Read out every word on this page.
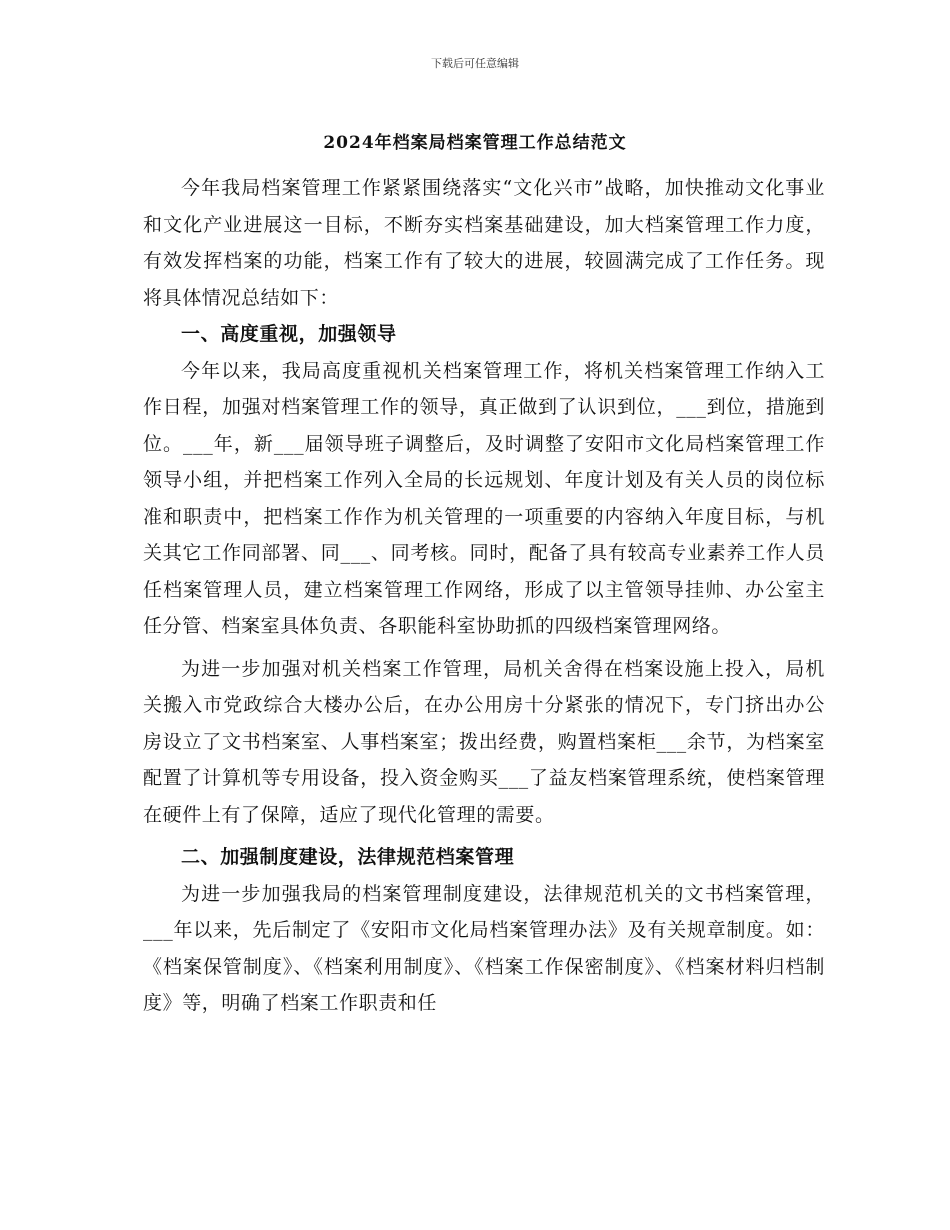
下载后可任意编辑
2024年档案局档案管理工作总结范文

今年我局档案管理工作紧紧围绕落实“文化兴市”战略，加快推动文化事业和文化产业进展这一目标，不断夯实档案基础建设，加大档案管理工作力度，有效发挥档案的功能，档案工作有了较大的进展，较圆满完成了工作任务。现将具体情况总结如下：

一、高度重视，加强领导

今年以来，我局高度重视机关档案管理工作，将机关档案管理工作纳入工作日程，加强对档案管理工作的领导，真正做到了认识到位，___到位，措施到位。___年，新___届领导班子调整后，及时调整了安阳市文化局档案管理工作领导小组，并把档案工作列入全局的长远规划、年度计划及有关人员的岗位标准和职责中，把档案工作作为机关管理的一项重要的内容纳入年度目标，与机关其它工作同部署、同___、同考核。同时，配备了具有较高专业素养工作人员任档案管理人员，建立档案管理工作网络，形成了以主管领导挂帅、办公室主任分管、档案室具体负责、各职能科室协助抓的四级档案管理网络。

为进一步加强对机关档案工作管理，局机关舍得在档案设施上投入，局机关搬入市党政综合大楼办公后，在办公用房十分紧张的情况下，专门挤出办公房设立了文书档案室、人事档案室；拨出经费，购置档案柜___余节，为档案室配置了计算机等专用设备，投入资金购买___了益友档案管理系统，使档案管理在硬件上有了保障，适应了现代化管理的需要。

二、加强制度建设，法律规范档案管理

为进一步加强我局的档案管理制度建设，法律规范机关的文书档案管理，___年以来，先后制定了《安阳市文化局档案管理办法》及有关规章制度。如：《档案保管制度》、《档案利用制度》、《档案工作保密制度》、《档案材料归档制度》等，明确了档案工作职责和任
